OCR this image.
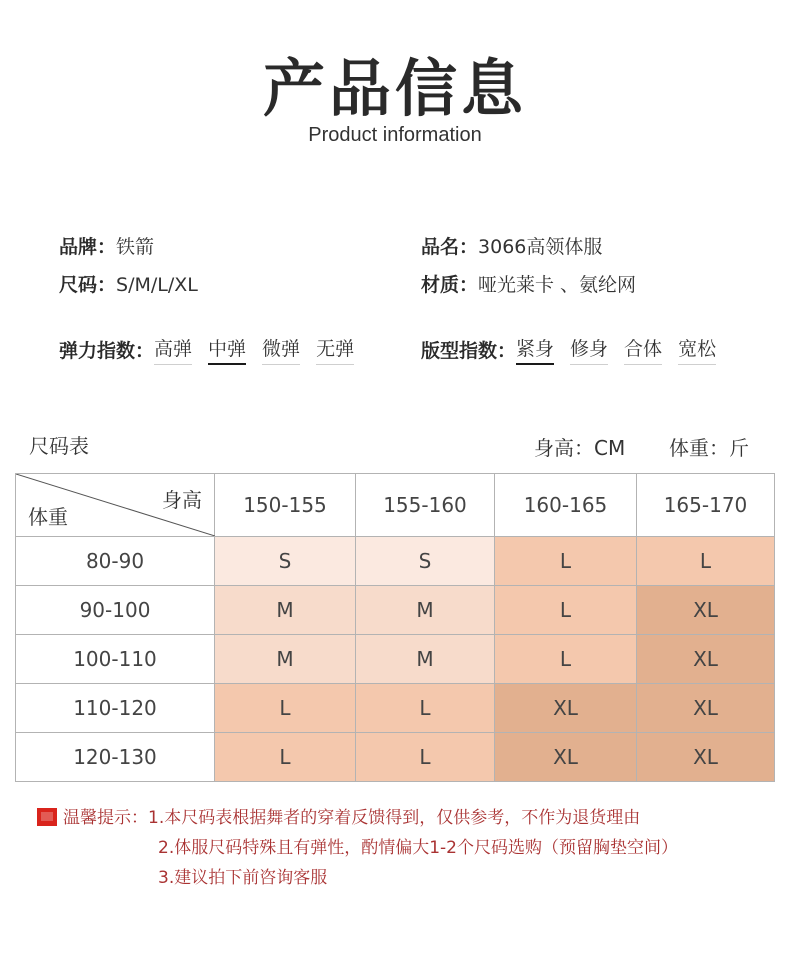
产品信息
Product information
品牌：铁箭
尺码：S/M/L/XL
品名：3066高领体服
材质：哑光莱卡 、氨纶网
弹力指数： 高弹 中弹 微弹 无弹	版型指数： 紧身 修身 合体 宽松
尺码表	身高：CM 体重：斤
身高
体重	150-155	155-160	160-165	165-170
80-90	S	S	L	L
90-100	M	M	L	XL
100-110	M	M	L	XL
110-120	L	L	XL	XL
120-130	L	L	XL	XL
温馨提示：1.本尺码表根据舞者的穿着反馈得到，仅供参考，不作为退货理由
2.体服尺码特殊且有弹性，酌情偏大1-2个尺码选购（预留胸垫空间）
3.建议拍下前咨询客服
